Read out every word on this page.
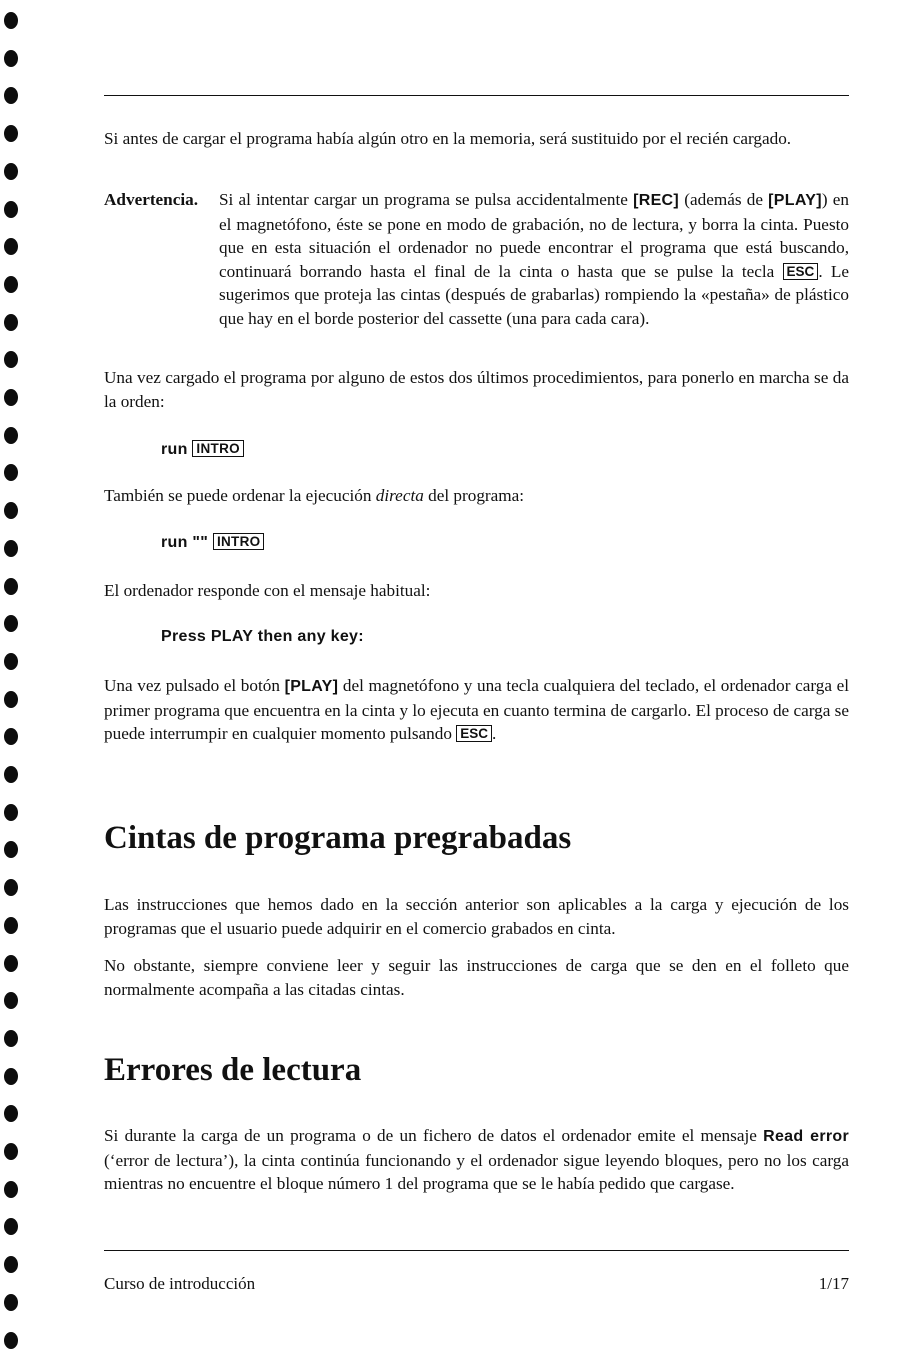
Si antes de cargar el programa había algún otro en la memoria, será sustituido por el recién cargado.

Advertencia. Si al intentar cargar un programa se pulsa accidentalmente [REC] (además de [PLAY]) en el magnetófono, éste se pone en modo de grabación, no de lectura, y borra la cinta. Puesto que en esta situación el ordenador no puede encontrar el programa que está buscando, continuará borrando hasta el final de la cinta o hasta que se pulse la tecla ESC . Le sugerimos que proteja las cintas (después de grabarlas) rompiendo la «pestaña» de plástico que hay en el borde posterior del cassette (una para cada cara).

Una vez cargado el programa por alguno de estos dos últimos procedimientos, para ponerlo en marcha se da la orden:

run INTRO

También se puede ordenar la ejecución directa del programa:

run "" INTRO

El ordenador responde con el mensaje habitual:

Press PLAY then any key:

Una vez pulsado el botón [PLAY] del magnetófono y una tecla cualquiera del teclado, el ordenador carga el primer programa que encuentra en la cinta y lo ejecuta en cuanto termina de cargarlo. El proceso de carga se puede interrumpir en cualquier momento pulsando ESC .

Cintas de programa pregrabadas

Las instrucciones que hemos dado en la sección anterior son aplicables a la carga y ejecución de los programas que el usuario puede adquirir en el comercio grabados en cinta.

No obstante, siempre conviene leer y seguir las instrucciones de carga que se den en el folleto que normalmente acompaña a las citadas cintas.

Errores de lectura

Si durante la carga de un programa o de un fichero de datos el ordenador emite el mensaje Read error (‘error de lectura’), la cinta continúa funcionando y el ordenador sigue leyendo bloques, pero no los carga mientras no encuentre el bloque número 1 del programa que se le había pedido que cargase.

Curso de introducción	1/17
